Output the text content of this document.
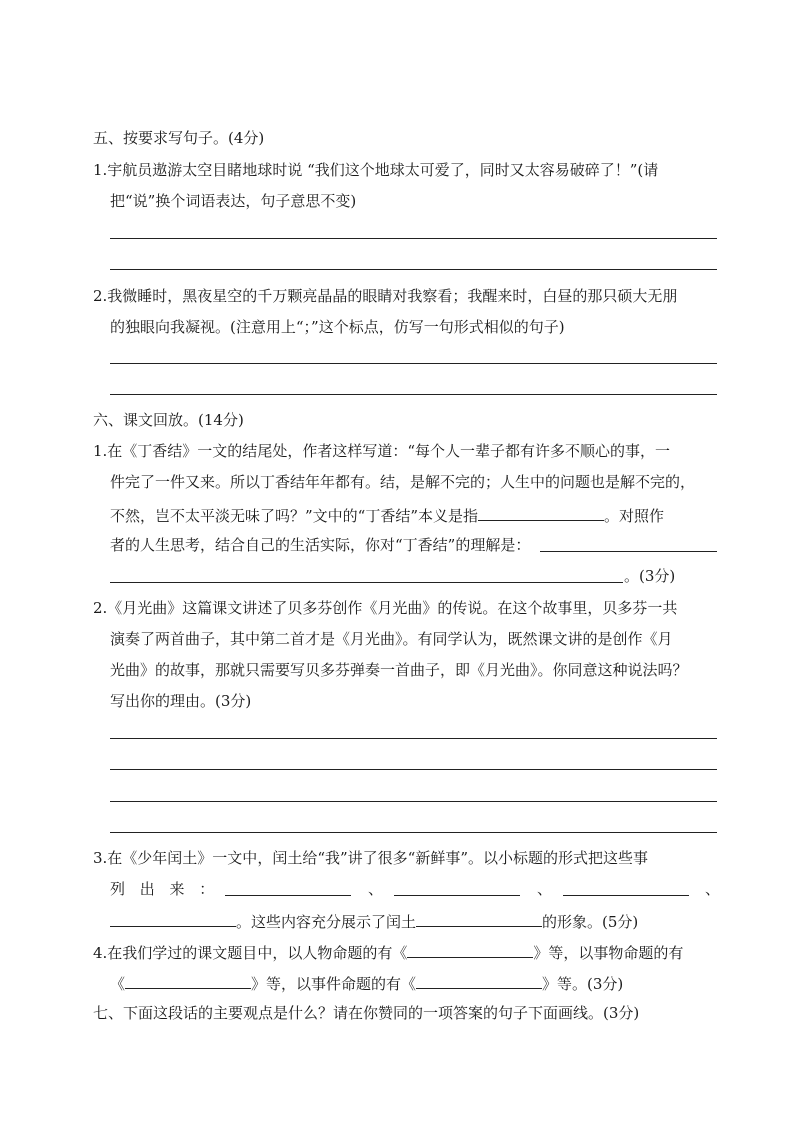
五、按要求写句子。(4分)
1.宇航员遨游太空目睹地球时说 “我们这个地球太可爱了，同时又太容易破碎了！”(请
把“说”换个词语表达，句子意思不变)
2.我微睡时，黑夜星空的千万颗亮晶晶的眼睛对我察看；我醒来时，白昼的那只硕大无朋
的独眼向我凝视。(注意用上“；”这个标点，仿写一句形式相似的句子)
六、课文回放。(14分)
1.在《丁香结》一文的结尾处，作者这样写道：“每个人一辈子都有许多不顺心的事，一
件完了一件又来。所以丁香结年年都有。结，是解不完的；人生中的问题也是解不完的，
不然，岂不太平淡无味了吗？”文中的“丁香结”本义是指	。对照作
者的人生思考，结合自己的生活实际，你对“丁香结”的理解是：
。(3分)
2.《月光曲》这篇课文讲述了贝多芬创作《月光曲》的传说。在这个故事里，贝多芬一共
演奏了两首曲子，其中第二首才是《月光曲》。有同学认为，既然课文讲的是创作《月
光曲》的故事，那就只需要写贝多芬弹奏一首曲子，即《月光曲》。你同意这种说法吗？
写出你的理由。(3分)
3.在《少年闰土》一文中，闰土给“我”讲了很多“新鲜事”。以小标题的形式把这些事
列 出 来 ：	、	、	、
。这些内容充分展示了闰土	的形象。(5分)
4.在我们学过的课文题目中，以人物命题的有《	》等，以事物命题的有
《	》等，以事件命题的有《	》等。(3分)
七、下面这段话的主要观点是什么？请在你赞同的一项答案的句子下面画线。(3分)
